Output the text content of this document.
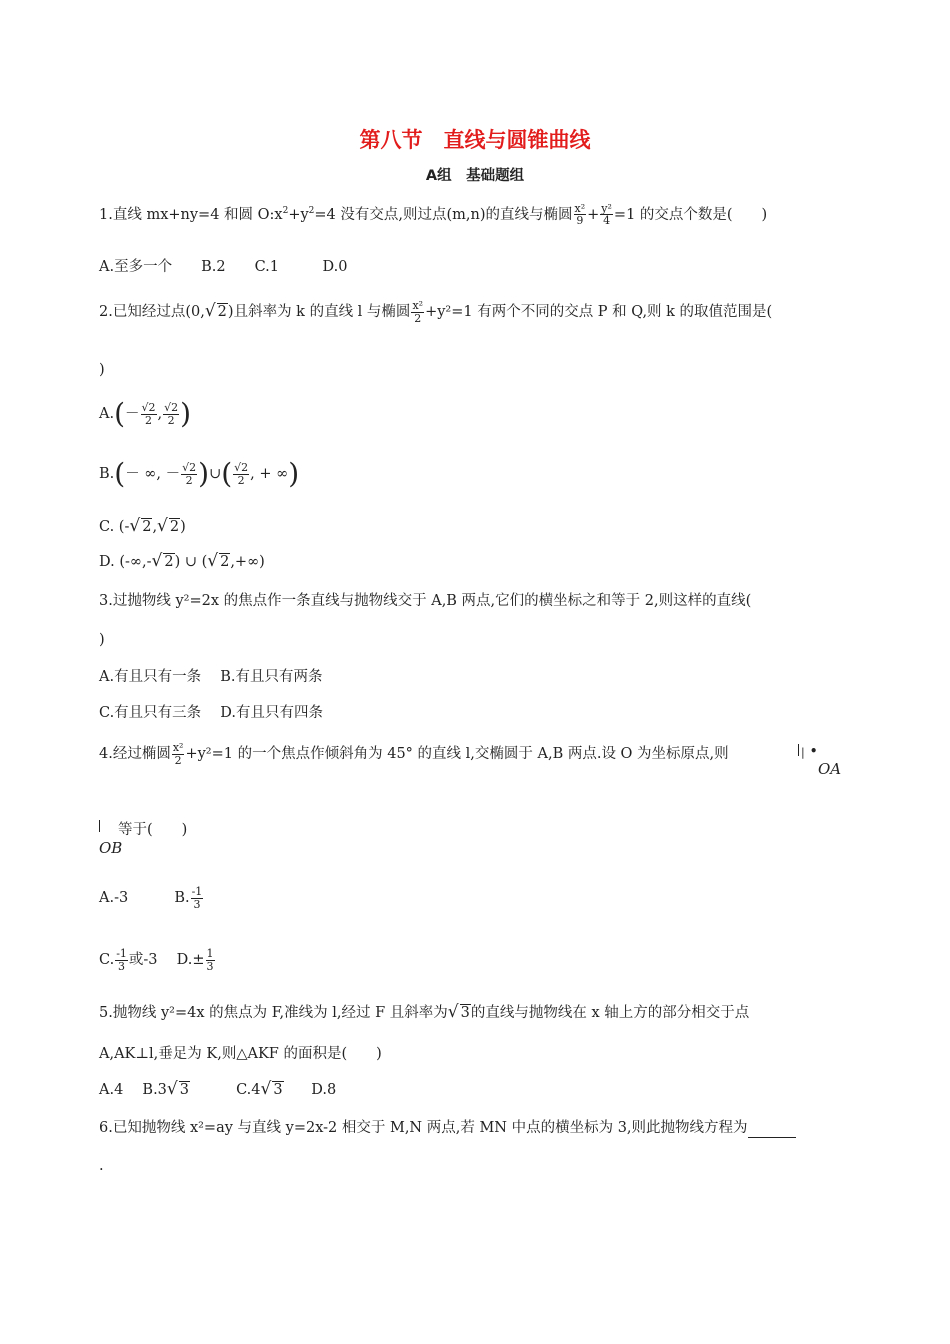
第八节　直线与圆锥曲线
A组　基础题组
1.直线 mx+ny=4 和圆 $O:x^2+y^2=4$ 没有交点,则过点(m,n)的直线与椭圆 $\frac{\text{x²}}{9} + \frac{\text{y²}}{4} =1$ 的交点个数是(　　)
A.至多一个　　B.2　　C.1　　　D.0
2.已知经过点(0,√ 2)且斜率为 k 的直线 l 与椭圆 $\frac{\text{x²}}{2} +y^2=1$ 有两个不同的交点 P 和 Q,则 k 的取值范围是(
)
$A.(- \frac{√2}{2}$ , $\frac{√2}{2}$ )
B.(－ ∞, － $\frac{√2}{2}$ )∪( $\frac{√2}{2}$ , + ∞)
C. (-√ 2,√ 2)
D. (-∞,-√ 2) ∪ (√ 2,+∞)
3.过抛物线 y²=2x 的焦点作一条直线与抛物线交于 A,B 两点,它们的横坐标之和等于 2,则这样的直线(
)
A.有且只有一条　 B.有且只有两条
C.有且只有三条　 D.有且只有四条
4.经过椭圆 $\frac{\text{x²}}{2} +y^2=1$ 的一个焦点作倾斜角为 45° 的直线 l,交椭圆于 A,B 两点.设 O 为坐标原点,则	| •
OA
等于(　　)
OB
A.-3	B. $\frac{-1}{3}$
C. $\frac{-1}{3}$ 或-3　 $D.\pm \frac{1}{3}$
5.抛物线 y²=4x 的焦点为 F,准线为 l,经过 F 且斜率为√ 3的直线与抛物线在 x 轴上方的部分相交于点
A,AK⊥l,垂足为 K,则△AKF 的面积是(　　)
A.4　 B.3√ 3	C.4√ 3 D.8
6.已知抛物线 x²=ay 与直线 y=2x-2 相交于 M,N 两点,若 MN 中点的横坐标为 3,则此抛物线方程为
.
